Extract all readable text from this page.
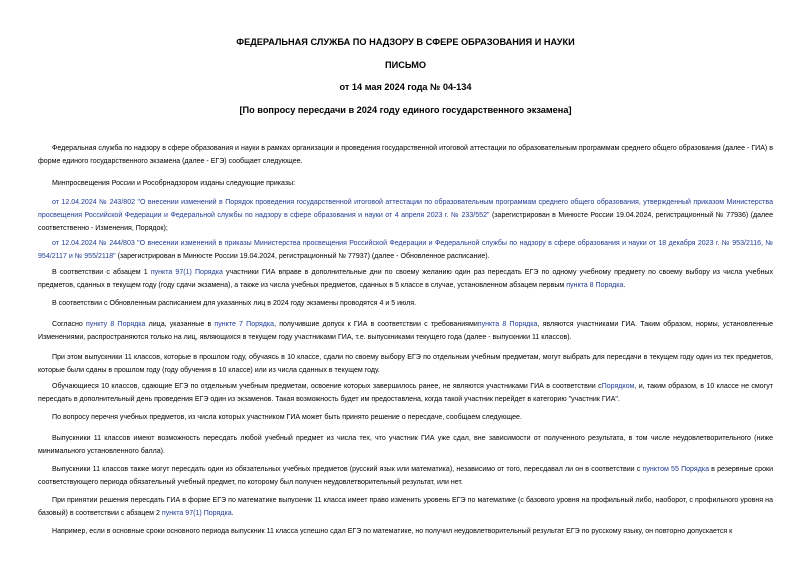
ФЕДЕРАЛЬНАЯ СЛУЖБА ПО НАДЗОРУ В СФЕРЕ ОБРАЗОВАНИЯ И НАУКИ
ПИСЬМО
от 14 мая 2024 года № 04-134
[По вопросу пересдачи в 2024 году единого государственного экзамена]
Федеральная служба по надзору в сфере образования и науки в рамках организации и проведения государственной итоговой аттестации по образовательным программам среднего общего образования (далее - ГИА) в форме единого государственного экзамена (далее - ЕГЭ) сообщает следующее.
Минпросвещения России и Рособрнадзором изданы следующие приказы:
от 12.04.2024 № 243/802 "О внесении изменений в Порядок проведения государственной итоговой аттестации по образовательным программам среднего общего образования, утвержденный приказом Министерства просвещения Российской Федерации и Федеральной службы по надзору в сфере образования и науки от 4 апреля 2023 г. № 233/552" (зарегистрирован в Минюсте России 19.04.2024, регистрационный № 77936) (далее соответственно - Изменения, Порядок);
от 12.04.2024 № 244/803 "О внесении изменений в приказы Министерства просвещения Российской Федерации и Федеральной службы по надзору в сфере образования и науки от 18 декабря 2023 г. № 953/2116, № 954/2117 и № 955/2118" (зарегистрирован в Минюсте России 19.04.2024, регистрационный № 77937) (далее - Обновленное расписание).
В соответствии с абзацем 1 пункта 97(1) Порядка участники ГИА вправе в дополнительные дни по своему желанию один раз пересдать ЕГЭ по одному учебному предмету по своему выбору из числа учебных предметов, сданных в текущем году (году сдачи экзамена), а также из числа учебных предметов, сданных в 5 классе в случае, установленном абзацем первым пункта 8 Порядка.
В соответствии с Обновленным расписанием для указанных лиц в 2024 году экзамены проводятся 4 и 5 июля.
Согласно пункту 8 Порядка лица, указанные в пункте 7 Порядка, получившие допуск к ГИА в соответствии с требованиямипункта 8 Порядка, являются участниками ГИА. Таким образом, нормы, установленные Изменениями, распространяются только на лиц, являющихся в текущем году участниками ГИА, т.е. выпускниками текущего года (далее - выпускники 11 классов).
При этом выпускники 11 классов, которые в прошлом году, обучаясь в 10 классе, сдали по своему выбору ЕГЭ по отдельным учебным предметам, могут выбрать для пересдачи в текущем году один из тех предметов, которые были сданы в прошлом году (году обучения в 10 классе) или из числа сданных в текущем году.
Обучающиеся 10 классов, сдающие ЕГЭ по отдельным учебным предметам, освоение которых завершилось ранее, не являются участниками ГИА в соответствии сПорядком, и, таким образом, в 10 классе не смогут пересдать в дополнительный день проведения ЕГЭ один из экзаменов. Такая возможность будет им предоставлена, когда такой участник перейдет в категорию "участник ГИА".
По вопросу перечня учебных предметов, из числа которых участником ГИА может быть принято решение о пересдаче, сообщаем следующее.
Выпускники 11 классов имеют возможность пересдать любой учебный предмет из числа тех, что участник ГИА уже сдал, вне зависимости от полученного результата, в том числе неудовлетворительного (ниже минимального установленного балла).
Выпускники 11 классов также могут пересдать один из обязательных учебных предметов (русский язык или математика), независимо от того, пересдавал ли он в соответствии с пунктом 55 Порядка в резервные сроки соответствующего периода обязательный учебный предмет, по которому был получен неудовлетворительный результат, или нет.
При принятии решения пересдать ГИА в форме ЕГЭ по математике выпускник 11 класса имеет право изменить уровень ЕГЭ по математике (с базового уровня на профильный либо, наоборот, с профильного уровня на базовый) в соответствии с абзацем 2 пункта 97(1) Порядка.
Например, если в основные сроки основного периода выпускник 11 класса успешно сдал ЕГЭ по математике, но получил неудовлетворительный результат ЕГЭ по русскому языку, он повторно допускается к
